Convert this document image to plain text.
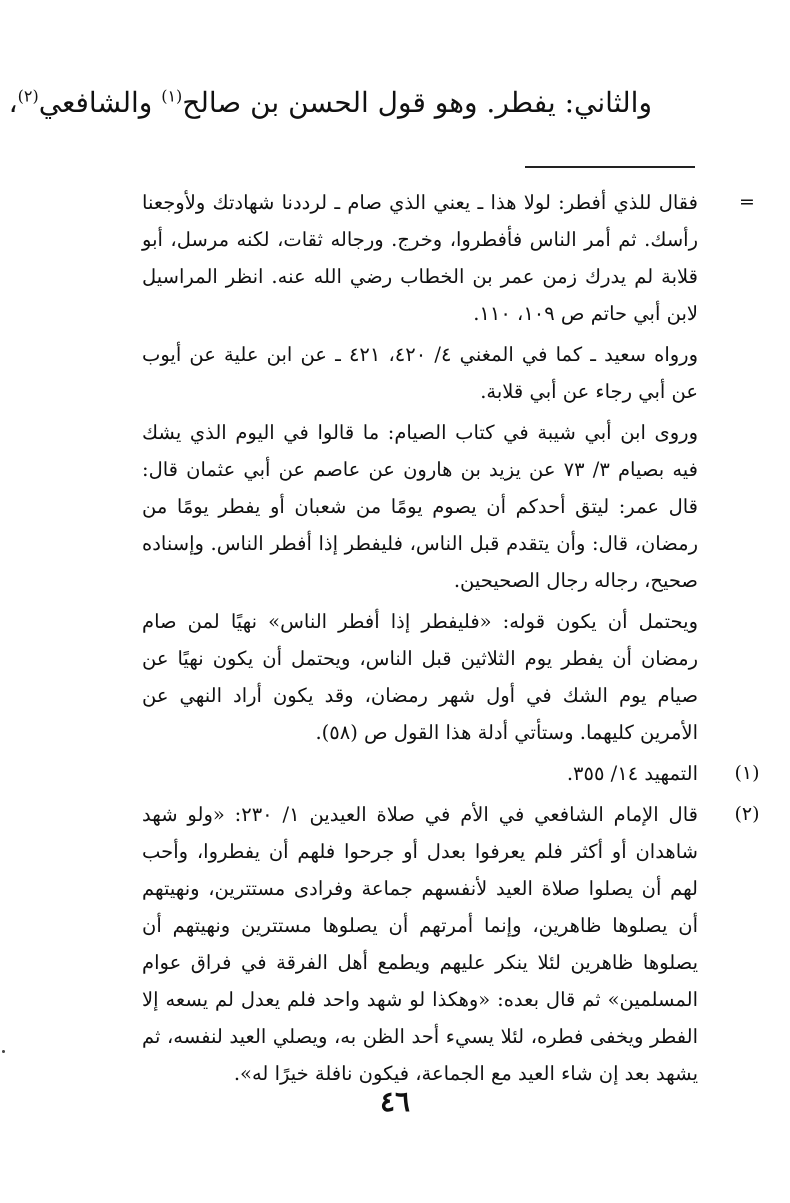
والثاني: يفطر. وهو قول الحسن بن صالح$^{(١)}$ والشافعي$^{(٢)}$،
=

فقال للذي أفطر: لولا هذا ـ يعني الذي صام ـ لرددنا شهادتك ولأوجعنا رأسك. ثم أمر الناس فأفطروا، وخرج. ورجاله ثقات، لكنه مرسل، أبو قلابة لم يدرك زمن عمر بن الخطاب رضي الله عنه. انظر المراسيل لابن أبي حاتم ص ١٠٩، ١١٠.

ورواه سعيد ـ كما في المغني ٤/ ٤٢٠، ٤٢١ ـ عن ابن علية عن أيوب عن أبي رجاء عن أبي قلابة.

وروى ابن أبي شيبة في كتاب الصيام: ما قالوا في اليوم الذي يشك فيه بصيام ٣/ ٧٣ عن يزيد بن هارون عن عاصم عن أبي عثمان قال: قال عمر: ليتق أحدكم أن يصوم يومًا من شعبان أو يفطر يومًا من رمضان، قال: وأن يتقدم قبل الناس، فليفطر إذا أفطر الناس. وإسناده صحيح، رجاله رجال الصحيحين.

ويحتمل أن يكون قوله: «فليفطر إذا أفطر الناس» نهيًا لمن صام رمضان أن يفطر يوم الثلاثين قبل الناس، ويحتمل أن يكون نهيًا عن صيام يوم الشك في أول شهر رمضان، وقد يكون أراد النهي عن الأمرين كليهما. وستأتي أدلة هذا القول ص (٥٨).

(١)

التمهيد ١٤/ ٣٥٥.

(٢)

قال الإمام الشافعي في الأم في صلاة العيدين ١/ ٢٣٠: «ولو شهد شاهدان أو أكثر فلم يعرفوا بعدل أو جرحوا فلهم أن يفطروا، وأحب لهم أن يصلوا صلاة العيد لأنفسهم جماعة وفرادى مستترين، ونهيتهم أن يصلوها ظاهرين، وإنما أمرتهم أن يصلوها مستترين ونهيتهم أن يصلوها ظاهرين لئلا ينكر عليهم ويطمع أهل الفرقة في فراق عوام المسلمين» ثم قال بعده: «وهكذا لو شهد واحد فلم يعدل لم يسعه إلا الفطر ويخفى فطره، لئلا يسيء أحد الظن به، ويصلي العيد لنفسه، ثم يشهد بعد إن شاء العيد مع الجماعة، فيكون نافلة خيرًا له».

٤٦
